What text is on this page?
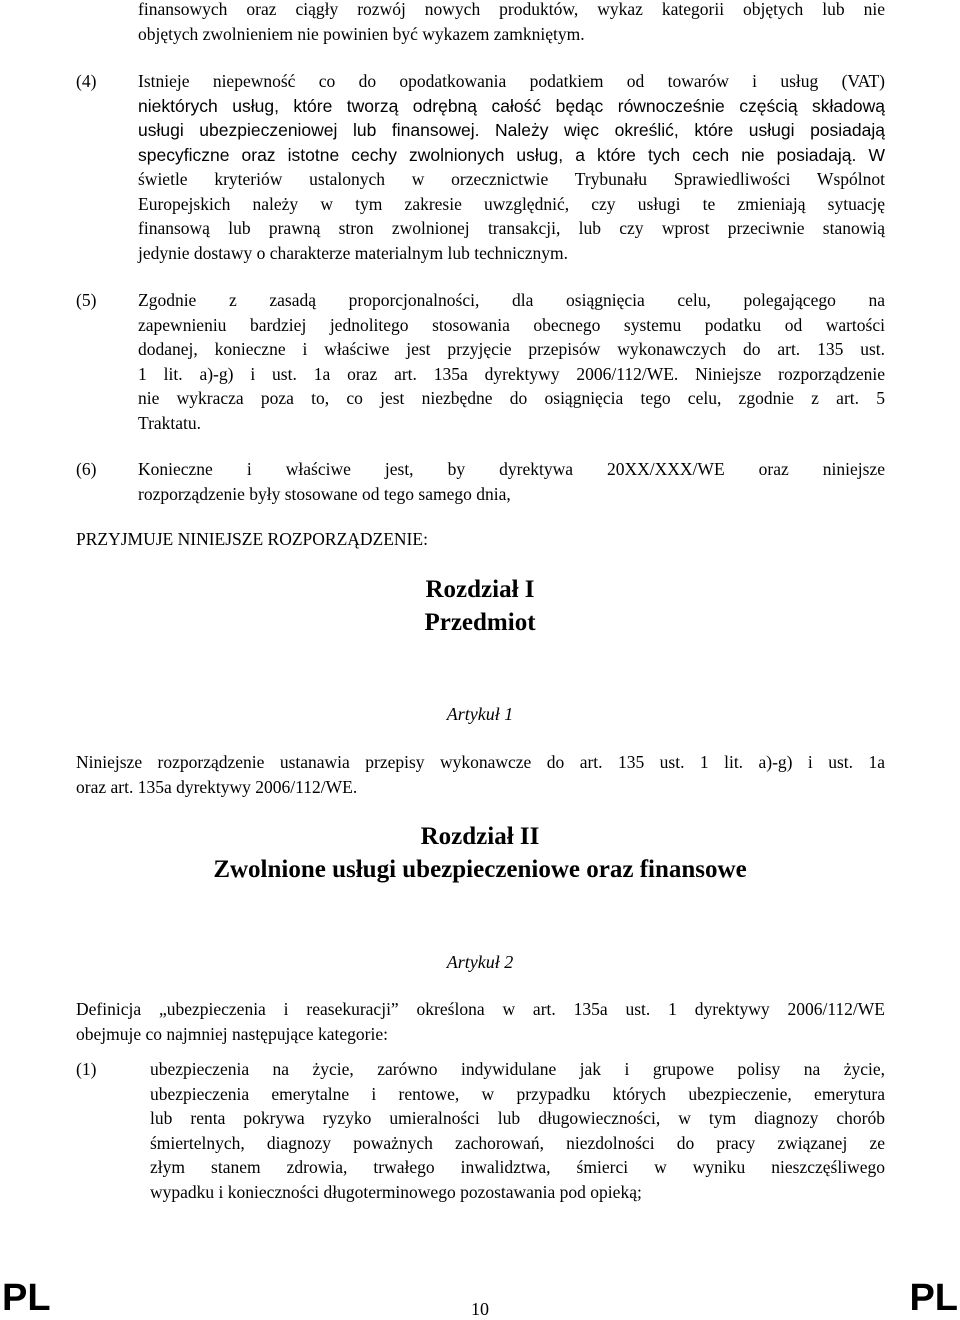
finansowych oraz ciągły rozwój nowych produktów, wykaz kategorii objętych lub nie
objętych zwolnieniem nie powinien być wykazem zamkniętym.
(4) Istnieje niepewność co do opodatkowania podatkiem od towarów i usług (VAT)
niektórych usług, które tworzą odrębną całość będąc równocześnie częścią składową
usługi ubezpieczeniowej lub finansowej. Należy więc określić, które usługi posiadają
specyficzne oraz istotne cechy zwolnionych usług, a które tych cech nie posiadają. W
świetle kryteriów ustalonych w orzecznictwie Trybunału Sprawiedliwości Wspólnot
Europejskich należy w tym zakresie uwzględnić, czy usługi te zmieniają sytuację
finansową lub prawną stron zwolnionej transakcji, lub czy wprost przeciwnie stanowią
jedynie dostawy o charakterze materialnym lub technicznym.
(5) Zgodnie z zasadą proporcjonalności, dla osiągnięcia celu, polegającego na
zapewnieniu bardziej jednolitego stosowania obecnego systemu podatku od wartości
dodanej, konieczne i właściwe jest przyjęcie przepisów wykonawczych do art. 135 ust.
1 lit. a)-g) i ust. 1a oraz art. 135a dyrektywy 2006/112/WE. Niniejsze rozporządzenie
nie wykracza poza to, co jest niezbędne do osiągnięcia tego celu, zgodnie z art. 5
Traktatu.
(6) Konieczne i właściwe jest, by dyrektywa 20XX/XXX/WE oraz niniejsze
rozporządzenie były stosowane od tego samego dnia,
PRZYJMUJE NINIEJSZE ROZPORZĄDZENIE:
Rozdział I
Przedmiot
Artykuł 1
Niniejsze rozporządzenie ustanawia przepisy wykonawcze do art. 135 ust. 1 lit. a)-g) i ust. 1a
oraz art. 135a dyrektywy 2006/112/WE.
Rozdział II
Zwolnione usługi ubezpieczeniowe oraz finansowe
Artykuł 2
Definicja „ubezpieczenia i reasekuracji” określona w art. 135a ust. 1 dyrektywy 2006/112/WE
obejmuje co najmniej następujące kategorie:
(1)	ubezpieczenia na życie, zarówno indywidulane jak i grupowe polisy na życie,
ubezpieczenia emerytalne i rentowe, w przypadku których ubezpieczenie, emerytura
lub renta pokrywa ryzyko umieralności lub długowieczności, w tym diagnozy chorób
śmiertelnych, diagnozy poważnych zachorowań, niezdolności do pracy związanej ze
złym stanem zdrowia, trwałego inwalidztwa, śmierci w wyniku nieszczęśliwego
wypadku i konieczności długoterminowego pozostawania pod opieką;
PL	10	PL
